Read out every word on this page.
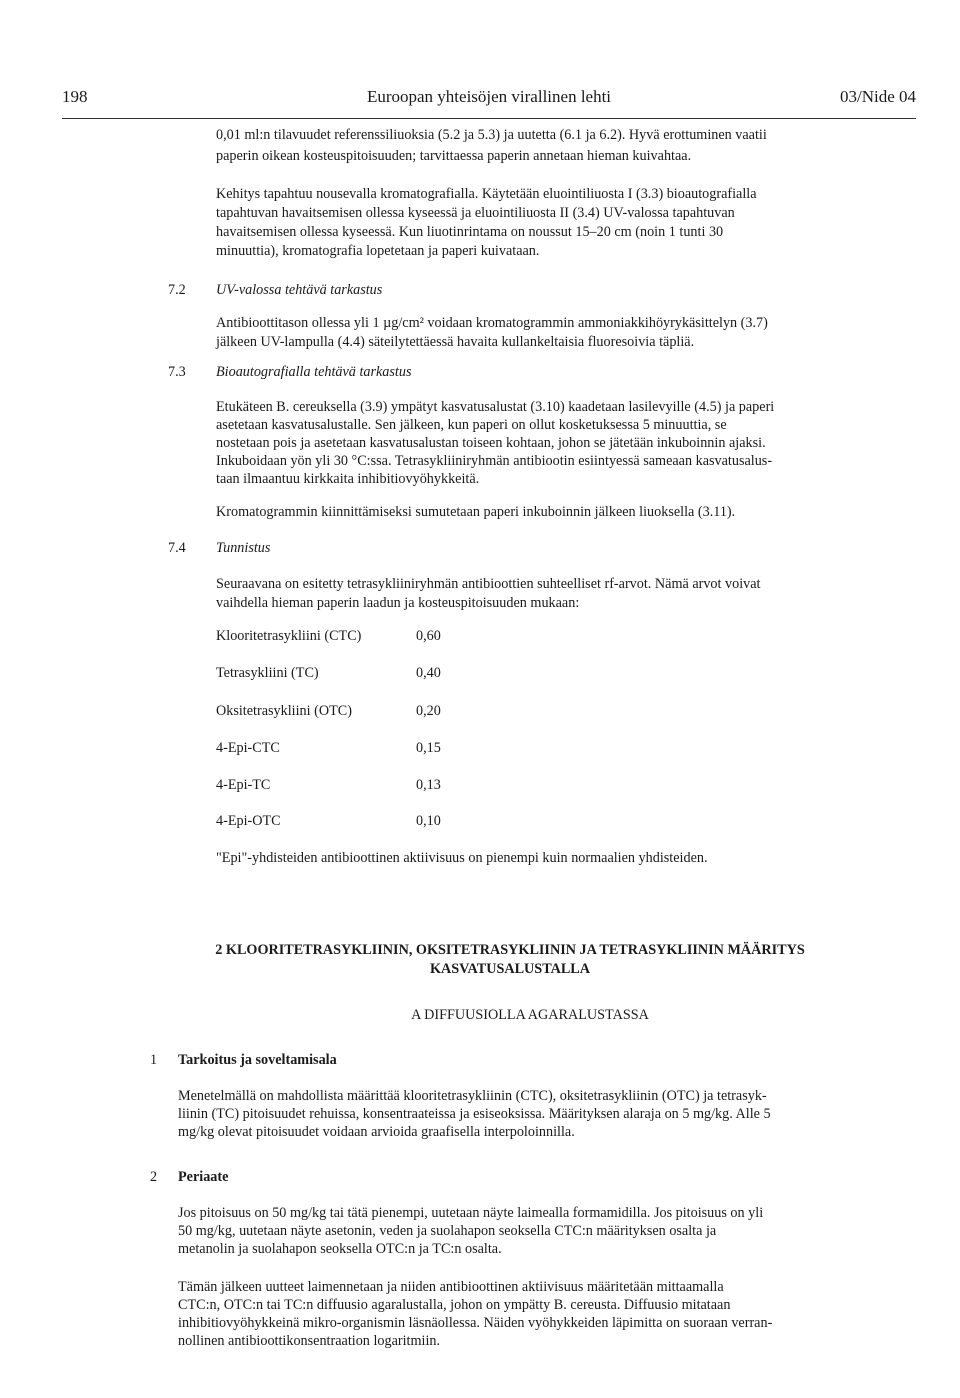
198	Euroopan yhteisöjen virallinen lehti	03/Nide 04
0,01 ml:n tilavuudet referenssiliuoksia (5.2 ja 5.3) ja uutetta (6.1 ja 6.2). Hyvä erottuminen vaatii
paperin oikean kosteuspitoisuuden; tarvittaessa paperin annetaan hieman kuivahtaa.
Kehitys tapahtuu nousevalla kromatografialla. Käytetään eluointiliuosta I (3.3) bioautografialla
tapahtuvan havaitsemisen ollessa kyseessä ja eluointiliuosta II (3.4) UV-valossa tapahtuvan
havaitsemisen ollessa kyseessä. Kun liuotinrintama on noussut 15–20 cm (noin 1 tunti 30
minuuttia), kromatografia lopetetaan ja paperi kuivataan.
7.2 UV-valossa tehtävä tarkastus
Antibioottitason ollessa yli 1 µg/cm² voidaan kromatogrammin ammoniakkihöyrykäsittelyn (3.7)
jälkeen UV-lampulla (4.4) säteilytettäessä havaita kullankeltaisia fluoresoivia täpliä.
7.3 Bioautografialla tehtävä tarkastus
Etukäteen B. cereuksella (3.9) ympätyt kasvatusalustat (3.10) kaadetaan lasilevyille (4.5) ja paperi
asetetaan kasvatusalustalle. Sen jälkeen, kun paperi on ollut kosketuksessa 5 minuuttia, se
nostetaan pois ja asetetaan kasvatusalustan toiseen kohtaan, johon se jätetään inkuboinnin ajaksi.
Inkuboidaan yön yli 30 °C:ssa. Tetrasykliiniryhmän antibiootin esiintyessä sameaan kasvatusalus-
taan ilmaantuu kirkkaita inhibitiovyöhykkeitä.
Kromatogrammin kiinnittämiseksi sumutetaan paperi inkuboinnin jälkeen liuoksella (3.11).
7.4 Tunnistus
Seuraavana on esitetty tetrasykliiniryhmän antibioottien suhteelliset rf-arvot. Nämä arvot voivat
vaihdella hieman paperin laadun ja kosteuspitoisuuden mukaan:
Klooritetrasykliini (CTC)	0,60
Tetrasykliini (TC)	0,40
Oksitetrasykliini (OTC)	0,20
4-Epi-CTC	0,15
4-Epi-TC	0,13
4-Epi-OTC	0,10
"Epi"-yhdisteiden antibioottinen aktiivisuus on pienempi kuin normaalien yhdisteiden.
2 KLOORITETRASYKLIININ, OKSITETRASYKLIININ JA TETRASYKLIININ MÄÄRITYS
KASVATUSALUSTALLA
A DIFFUUSIOLLA AGARALUSTASSA
1 Tarkoitus ja soveltamisala
Menetelmällä on mahdollista määrittää klooritetrasykliinin (CTC), oksitetrasykliinin (OTC) ja tetrasyk-
liinin (TC) pitoisuudet rehuissa, konsentraateissa ja esiseoksissa. Määrityksen alaraja on 5 mg/kg. Alle 5
mg/kg olevat pitoisuudet voidaan arvioida graafisella interpoloinnilla.
2 Periaate
Jos pitoisuus on 50 mg/kg tai tätä pienempi, uutetaan näyte laimealla formamidilla. Jos pitoisuus on yli
50 mg/kg, uutetaan näyte asetonin, veden ja suolahapon seoksella CTC:n määrityksen osalta ja
metanolin ja suolahapon seoksella OTC:n ja TC:n osalta.
Tämän jälkeen uutteet laimennetaan ja niiden antibioottinen aktiivisuus määritetään mittaamalla
CTC:n, OTC:n tai TC:n diffuusio agaralustalla, johon on ympätty B. cereusta. Diffuusio mitataan
inhibitiovyöhykkeinä mikro-organismin läsnäollessa. Näiden vyöhykkeiden läpimitta on suoraan verran-
nollinen antibioottikonsentraation logaritmiin.
